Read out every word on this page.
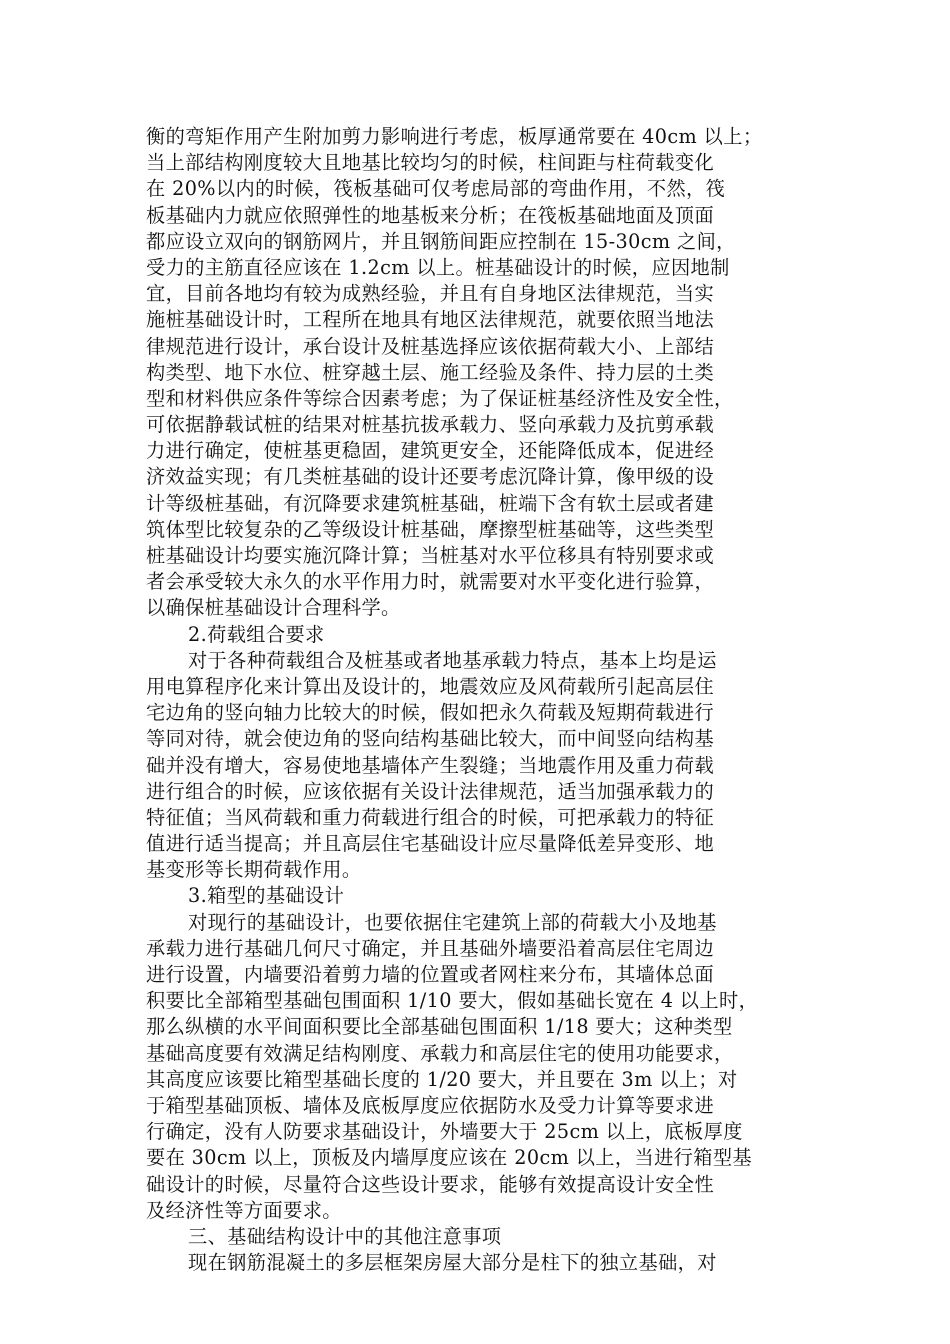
衡的弯矩作用产生附加剪力影响进行考虑，板厚通常要在 40cm 以上；
当上部结构刚度较大且地基比较均匀的时候，柱间距与柱荷载变化
在 20%以内的时候，筏板基础可仅考虑局部的弯曲作用，不然，筏
板基础内力就应依照弹性的地基板来分析；在筏板基础地面及顶面
都应设立双向的钢筋网片，并且钢筋间距应控制在 15-30cm 之间，
受力的主筋直径应该在 1.2cm 以上。桩基础设计的时候，应因地制
宜，目前各地均有较为成熟经验，并且有自身地区法律规范，当实
施桩基础设计时，工程所在地具有地区法律规范，就要依照当地法
律规范进行设计，承台设计及桩基选择应该依据荷载大小、上部结
构类型、地下水位、桩穿越土层、施工经验及条件、持力层的土类
型和材料供应条件等综合因素考虑；为了保证桩基经济性及安全性，
可依据静载试桩的结果对桩基抗拔承载力、竖向承载力及抗剪承载
力进行确定，使桩基更稳固，建筑更安全，还能降低成本，促进经
济效益实现；有几类桩基础的设计还要考虑沉降计算，像甲级的设
计等级桩基础，有沉降要求建筑桩基础，桩端下含有软土层或者建
筑体型比较复杂的乙等级设计桩基础，摩擦型桩基础等，这些类型
桩基础设计均要实施沉降计算；当桩基对水平位移具有特别要求或
者会承受较大永久的水平作用力时，就需要对水平变化进行验算，
以确保桩基础设计合理科学。
2.荷载组合要求
对于各种荷载组合及桩基或者地基承载力特点，基本上均是运
用电算程序化来计算出及设计的，地震效应及风荷载所引起高层住
宅边角的竖向轴力比较大的时候，假如把永久荷载及短期荷载进行
等同对待，就会使边角的竖向结构基础比较大，而中间竖向结构基
础并没有增大，容易使地基墙体产生裂缝；当地震作用及重力荷载
进行组合的时候，应该依据有关设计法律规范，适当加强承载力的
特征值；当风荷载和重力荷载进行组合的时候，可把承载力的特征
值进行适当提高；并且高层住宅基础设计应尽量降低差异变形、地
基变形等长期荷载作用。
3.箱型的基础设计
对现行的基础设计，也要依据住宅建筑上部的荷载大小及地基
承载力进行基础几何尺寸确定，并且基础外墙要沿着高层住宅周边
进行设置，内墙要沿着剪力墙的位置或者网柱来分布，其墙体总面
积要比全部箱型基础包围面积 1/10 要大，假如基础长宽在 4 以上时，
那么纵横的水平间面积要比全部基础包围面积 1/18 要大；这种类型
基础高度要有效满足结构刚度、承载力和高层住宅的使用功能要求，
其高度应该要比箱型基础长度的 1/20 要大，并且要在 3m 以上；对
于箱型基础顶板、墙体及底板厚度应依据防水及受力计算等要求进
行确定，没有人防要求基础设计，外墙要大于 25cm 以上，底板厚度
要在 30cm 以上，顶板及内墙厚度应该在 20cm 以上，当进行箱型基
础设计的时候，尽量符合这些设计要求，能够有效提高设计安全性
及经济性等方面要求。
三、基础结构设计中的其他注意事项
现在钢筋混凝土的多层框架房屋大部分是柱下的独立基础，对
